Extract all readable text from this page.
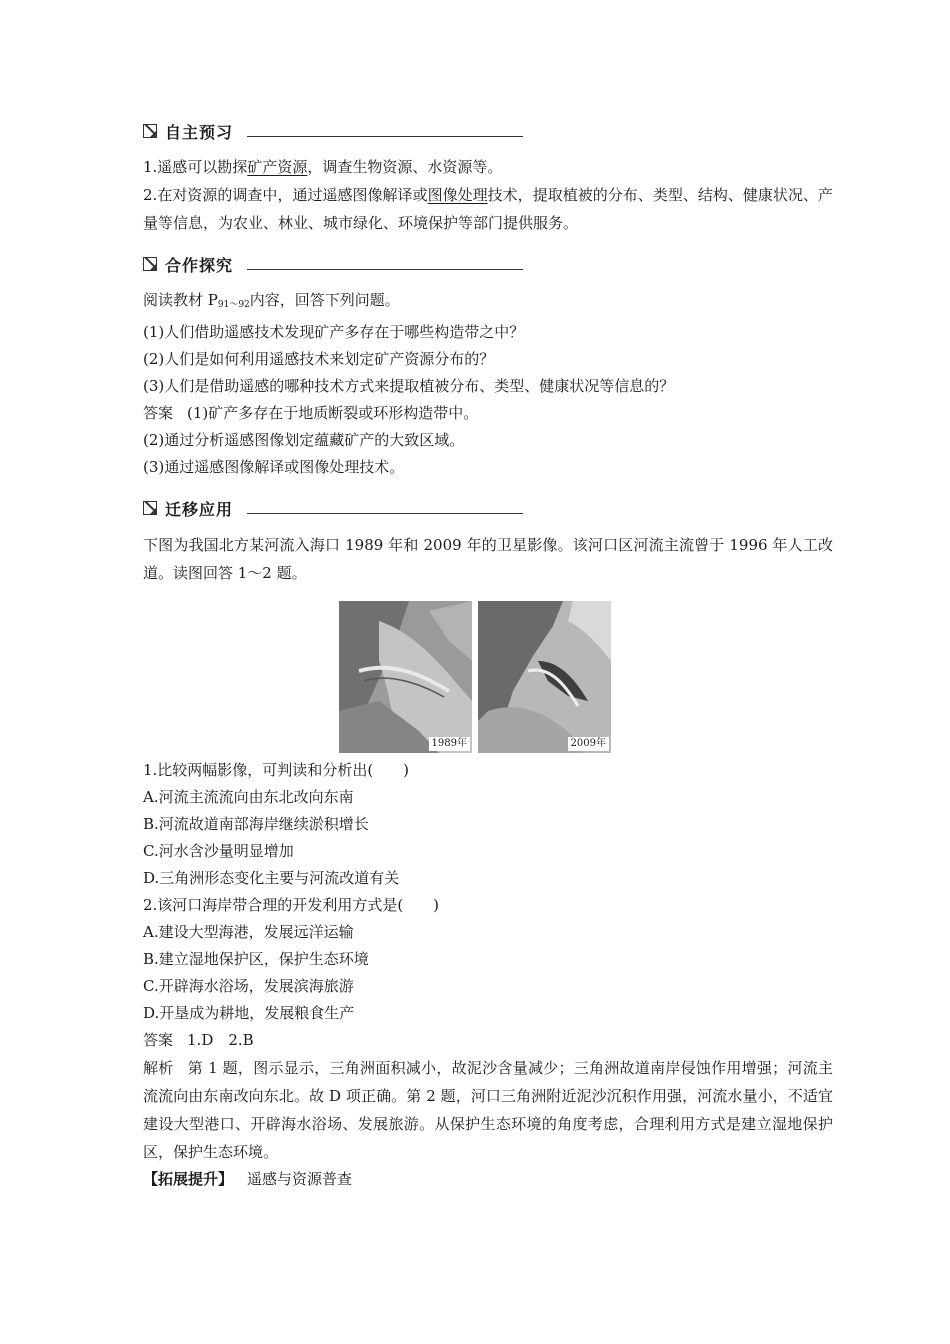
自主预习

1.遥感可以勘探矿产资源，调查生物资源、水资源等。

2.在对资源的调查中，通过遥感图像解译或图像处理技术，提取植被的分布、类型、结构、健康状况、产量等信息，为农业、林业、城市绿化、环境保护等部门提供服务。

合作探究

阅读教材 $P_{91\sim 92}$内容，回答下列问题。

(1)人们借助遥感技术发现矿产多存在于哪些构造带之中？

(2)人们是如何利用遥感技术来划定矿产资源分布的？

(3)人们是借助遥感的哪种技术方式来提取植被分布、类型、健康状况等信息的？

答案 (1)矿产多存在于地质断裂或环形构造带中。

(2)通过分析遥感图像划定蕴藏矿产的大致区域。

(3)通过遥感图像解译或图像处理技术。

迁移应用

下图为我国北方某河流入海口 1989 年和 2009 年的卫星影像。该河口区河流主流曾于 1996 年人工改道。读图回答 1～2 题。

1989年	2009年

1.比较两幅影像，可判读和分析出(　　)

A.河流主流流向由东北改向东南

B.河流故道南部海岸继续淤积增长

C.河水含沙量明显增加

D.三角洲形态变化主要与河流改道有关

2.该河口海岸带合理的开发利用方式是(　　)

A.建设大型海港，发展远洋运输

B.建立湿地保护区，保护生态环境

C.开辟海水浴场，发展滨海旅游

D.开垦成为耕地，发展粮食生产

答案 1.D　2.B

解析 第 1 题，图示显示，三角洲面积减小，故泥沙含量减少；三角洲故道南岸侵蚀作用增强；河流主流流向由东南改向东北。故 D 项正确。第 2 题，河口三角洲附近泥沙沉积作用强，河流水量小，不适宜建设大型港口、开辟海水浴场、发展旅游。从保护生态环境的角度考虑，合理利用方式是建立湿地保护区，保护生态环境。

【拓展提升】 遥感与资源普查
